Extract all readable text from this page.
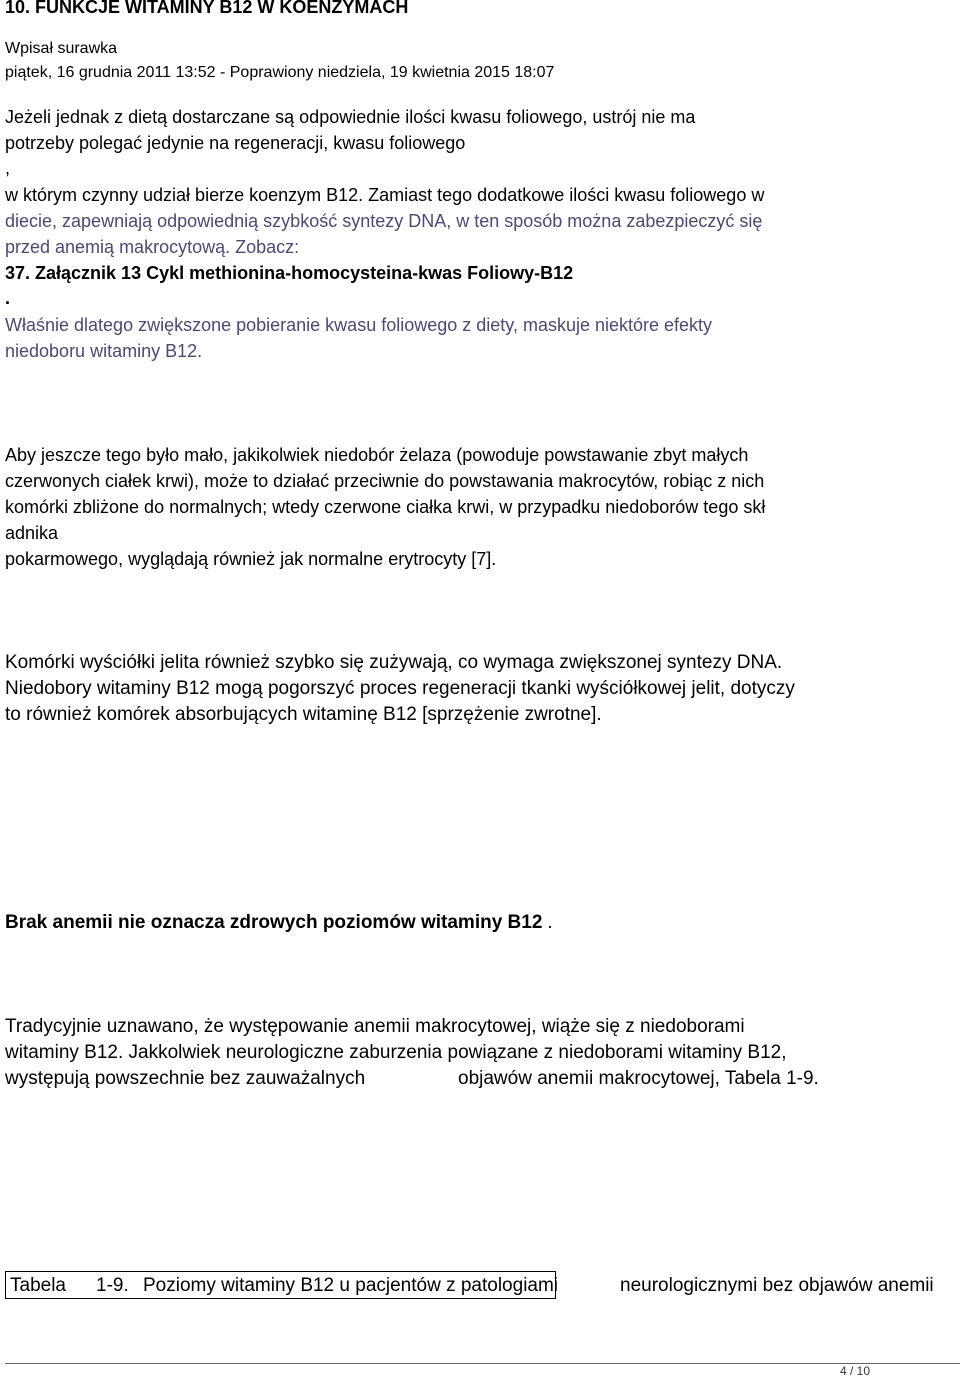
10. FUNKCJE WITAMINY B12 W KOENZYMACH
Wpisał surawka
piątek, 16 grudnia 2011 13:52 - Poprawiony niedziela, 19 kwietnia 2015 18:07
Jeżeli jednak z dietą dostarczane są odpowiednie ilości kwasu foliowego, ustrój nie ma
potrzeby polegać jedynie na regeneracji, kwasu foliowego
,
w którym czynny udział bierze koenzym B12. Zamiast tego dodatkowe ilości kwasu foliowego w
diecie, zapewniają odpowiednią szybkość syntezy DNA, w ten sposób można zabezpieczyć się
przed anemią makrocytową. Zobacz:
37. Załącznik 13 Cykl methionina-homocysteina-kwas Foliowy-B12
.
Właśnie dlatego zwiększone pobieranie kwasu foliowego z diety, maskuje niektóre efekty
niedoboru witaminy B12.
Aby jeszcze tego było mało, jakikolwiek niedobór żelaza (powoduje powstawanie zbyt małych
czerwonych ciałek krwi), może to działać przeciwnie do powstawania makrocytów, robiąc z nich
komórki zbliżone do normalnych; wtedy czerwone ciałka krwi, w przypadku niedoborów tego skł
adnika
pokarmowego, wyglądają również jak normalne erytrocyty [7].
Komórki wyściółki jelita również szybko się zużywają, co wymaga zwiększonej syntezy DNA.
Niedobory witaminy B12 mogą pogorszyć proces regeneracji tkanki wyściółkowej jelit, dotyczy
to również komórek absorbujących witaminę B12 [sprzężenie zwrotne].
Brak anemii nie oznacza zdrowych poziomów witaminy B12 .
Tradycyjnie uznawano, że występowanie anemii makrocytowej, wiąże się z niedoborami
witaminy B12. Jakkolwiek neurologiczne zaburzenia powiązane z niedoborami witaminy B12,
występują powszechnie bez zauważalnych	objawów anemii makrocytowej, Tabela 1-9.
Tabela 1-9. Poziomy witaminy B12 u pacjentów z patologiami	neurologicznymi bez objawów anemii
4 / 10
